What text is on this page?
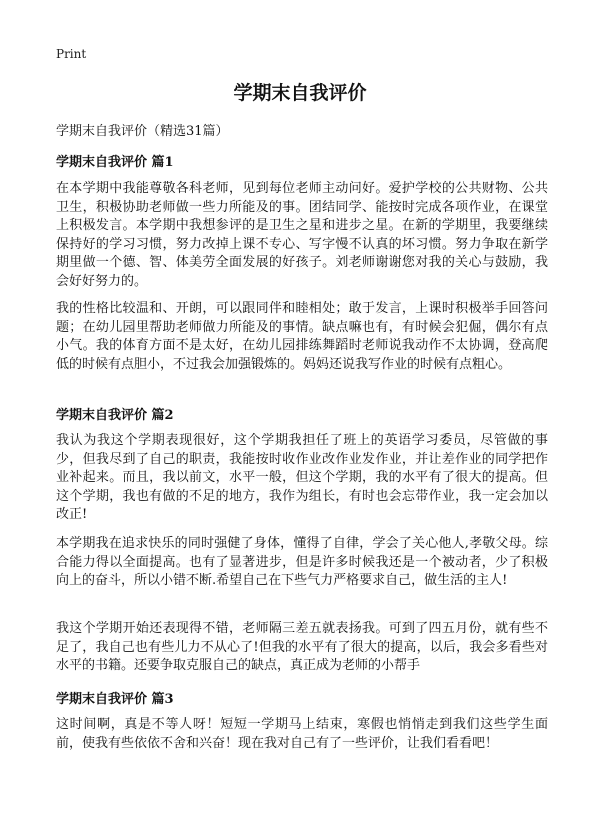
Print
学期末自我评价
学期末自我评价（精选31篇）
学期末自我评价 篇1
在本学期中我能尊敬各科老师，见到每位老师主动问好。爱护学校的公共财物、公共卫生，积极协助老师做一些力所能及的事。团结同学、能按时完成各项作业，在课堂上积极发言。本学期中我想参评的是卫生之星和进步之星。在新的学期里，我要继续保持好的学习习惯，努力改掉上课不专心、写字慢不认真的坏习惯。努力争取在新学期里做一个德、智、体美劳全面发展的好孩子。刘老师谢谢您对我的关心与鼓励，我会好好努力的。
我的性格比较温和、开朗，可以跟同伴和睦相处；敢于发言，上课时积极举手回答问题；在幼儿园里帮助老师做力所能及的事情。缺点嘛也有，有时候会犯倔，偶尔有点小气。我的体育方面不是太好，在幼儿园排练舞蹈时老师说我动作不太协调，登高爬低的时候有点胆小，不过我会加强锻炼的。妈妈还说我写作业的时候有点粗心。
学期末自我评价 篇2
我认为我这个学期表现很好，这个学期我担任了班上的英语学习委员，尽管做的事少，但我尽到了自己的职责，我能按时收作业改作业发作业，并让差作业的同学把作业补起来。而且，我以前文，水平一般，但这个学期，我的水平有了很大的提高。但这个学期，我也有做的不足的地方，我作为组长，有时也会忘带作业，我一定会加以改正!
本学期我在追求快乐的同时强健了身体，懂得了自律，学会了关心他人,孝敬父母。综合能力得以全面提高。也有了显著进步，但是许多时候我还是一个被动者，少了积极向上的奋斗，所以小错不断.希望自己在下些气力严格要求自己，做生活的主人!
我这个学期开始还表现得不错，老师隔三差五就表扬我。可到了四五月份，就有些不足了，我自己也有些儿力不从心了!但我的水平有了很大的提高，以后，我会多看些对水平的书籍。还要争取克服自己的缺点，真正成为老师的小帮手
学期末自我评价 篇3
这时间啊，真是不等人呀！短短一学期马上结束，寒假也悄悄走到我们这些学生面前，使我有些依依不舍和兴奋！现在我对自己有了一些评价，让我们看看吧！
